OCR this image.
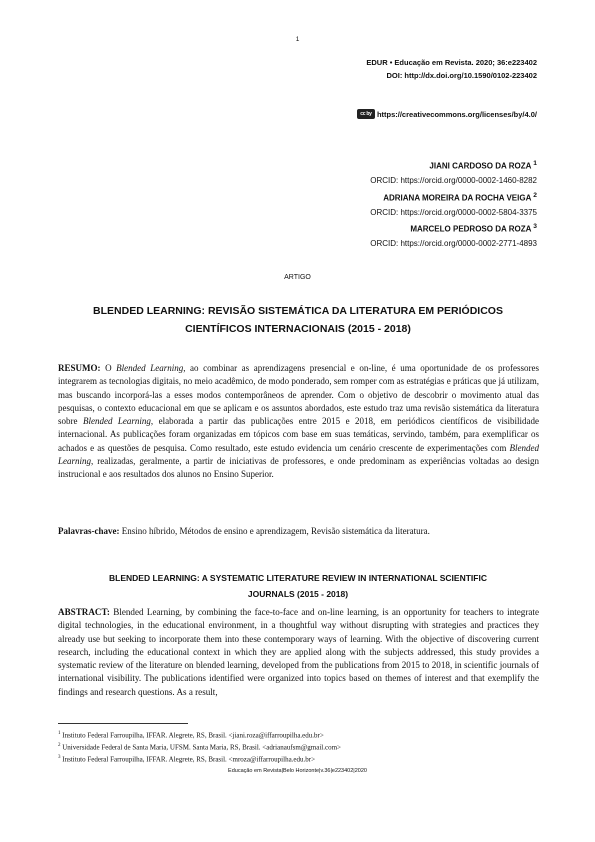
1
EDUR • Educação em Revista. 2020; 36:e223402
DOI: http://dx.doi.org/10.1590/0102-223402
cc by https://creativecommons.org/licenses/by/4.0/
JIANI CARDOSO DA ROZA $^1$
ORCID: https://orcid.org/0000-0002-1460-8282
ADRIANA MOREIRA DA ROCHA VEIGA $^2$
ORCID: https://orcid.org/0000-0002-5804-3375
MARCELO PEDROSO DA ROZA $^3$
ORCID: https://orcid.org/0000-0002-2771-4893
ARTIGO
BLENDED LEARNING: REVISÃO SISTEMÁTICA DA LITERATURA EM PERIÓDICOS
CIENTÍFICOS INTERNACIONAIS (2015 - 2018)

RESUMO: O Blended Learning, ao combinar as aprendizagens presencial e on-line, é uma oportunidade de os professores integrarem as tecnologias digitais, no meio acadêmico, de modo ponderado, sem romper com as estratégias e práticas que já utilizam, mas buscando incorporá-las a esses modos contemporâneos de aprender. Com o objetivo de descobrir o movimento atual das pesquisas, o contexto educacional em que se aplicam e os assuntos abordados, este estudo traz uma revisão sistemática da literatura sobre Blended Learning, elaborada a partir das publicações entre 2015 e 2018, em periódicos científicos de visibilidade internacional. As publicações foram organizadas em tópicos com base em suas temáticas, servindo, também, para exemplificar os achados e as questões de pesquisa. Como resultado, este estudo evidencia um cenário crescente de experimentações com Blended Learning, realizadas, geralmente, a partir de iniciativas de professores, e onde predominam as experiências voltadas ao design instrucional e aos resultados dos alunos no Ensino Superior.

Palavras-chave: Ensino híbrido, Métodos de ensino e aprendizagem, Revisão sistemática da literatura.
BLENDED LEARNING: A SYSTEMATIC LITERATURE REVIEW IN INTERNATIONAL SCIENTIFIC
JOURNALS (2015 - 2018)

ABSTRACT: Blended Learning, by combining the face-to-face and on-line learning, is an opportunity for teachers to integrate digital technologies, in the educational environment, in a thoughtful way without disrupting with strategies and practices they already use but seeking to incorporate them into these contemporary ways of learning. With the objective of discovering current research, including the educational context in which they are applied along with the subjects addressed, this study provides a systematic review of the literature on blended learning, developed from the publications from 2015 to 2018, in scientific journals of international visibility. The publications identified were organized into topics based on themes of interest and that exemplify the findings and research questions. As a result,

$^1$ Instituto Federal Farroupilha, IFFAR. Alegrete, RS, Brasil. <jiani.roza@iffarroupilha.edu.br>
$^2$ Universidade Federal de Santa Maria, UFSM. Santa Maria, RS, Brasil. <adrianaufsm@gmail.com>
$^3$ Instituto Federal Farroupilha, IFFAR. Alegrete, RS, Brasil. <mroza@iffarroupilha.edu.br>
Educação em Revista|Belo Horizonte|v.36|e223402|2020
